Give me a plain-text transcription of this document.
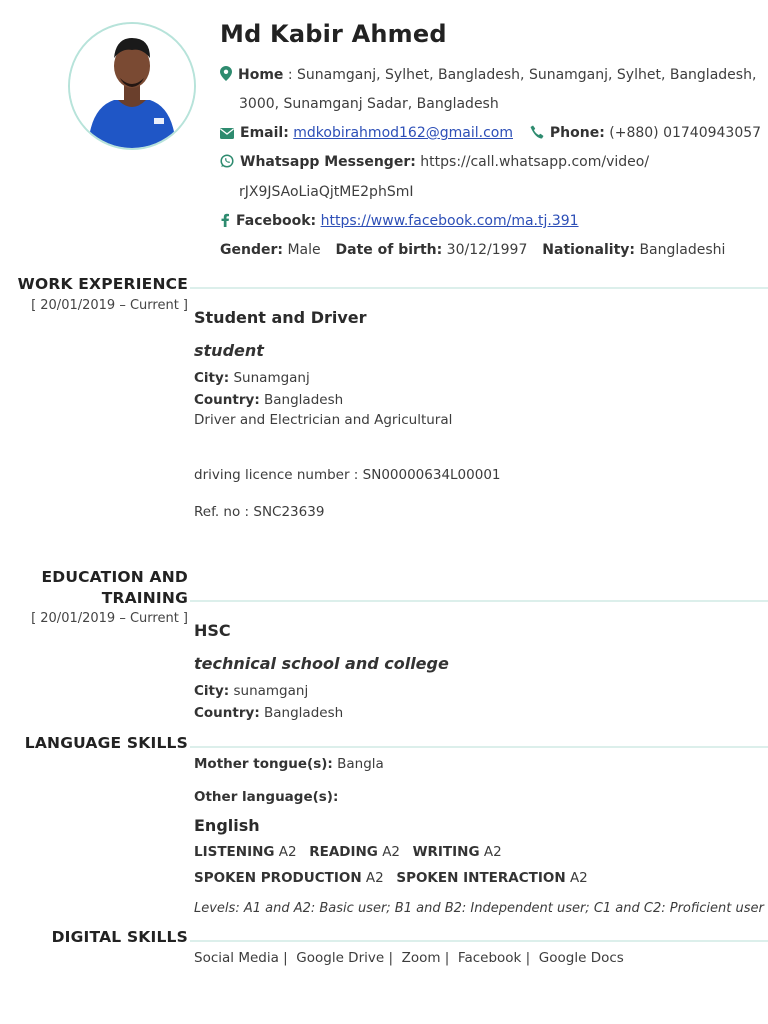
Md Kabir Ahmed
Home : Sunamganj, Sylhet, Bangladesh, Sunamganj, Sylhet, Bangladesh,
3000, Sunamganj Sadar, Bangladesh
Email: mdkobirahmod162@gmail.com	Phone: (+880) 01740943057
Whatsapp Messenger: https://call.whatsapp.com/video/
rJX9JSAoLiaQjtME2phSmI
Facebook: https://www.facebook.com/ma.tj.391
Gender: Male Date of birth: 30/12/1997 Nationality: Bangladeshi
WORK EXPERIENCE
[ 20/01/2019 – Current ]
Student and Driver
student
City: Sunamganj
Country: Bangladesh
Driver and Electrician and Agricultural
driving licence number : SN00000634L00001
Ref. no : SNC23639
EDUCATION AND
TRAINING
[ 20/01/2019 – Current ]
HSC
technical school and college
City: sunamganj
Country: Bangladesh
LANGUAGE SKILLS
Mother tongue(s): Bangla
Other language(s):
English
LISTENING A2 READING A2 WRITING A2
SPOKEN PRODUCTION A2 SPOKEN INTERACTION A2
Levels: A1 and A2: Basic user; B1 and B2: Independent user; C1 and C2: Proficient user
DIGITAL SKILLS
Social Media |  Google Drive |  Zoom |  Facebook |  Google Docs
